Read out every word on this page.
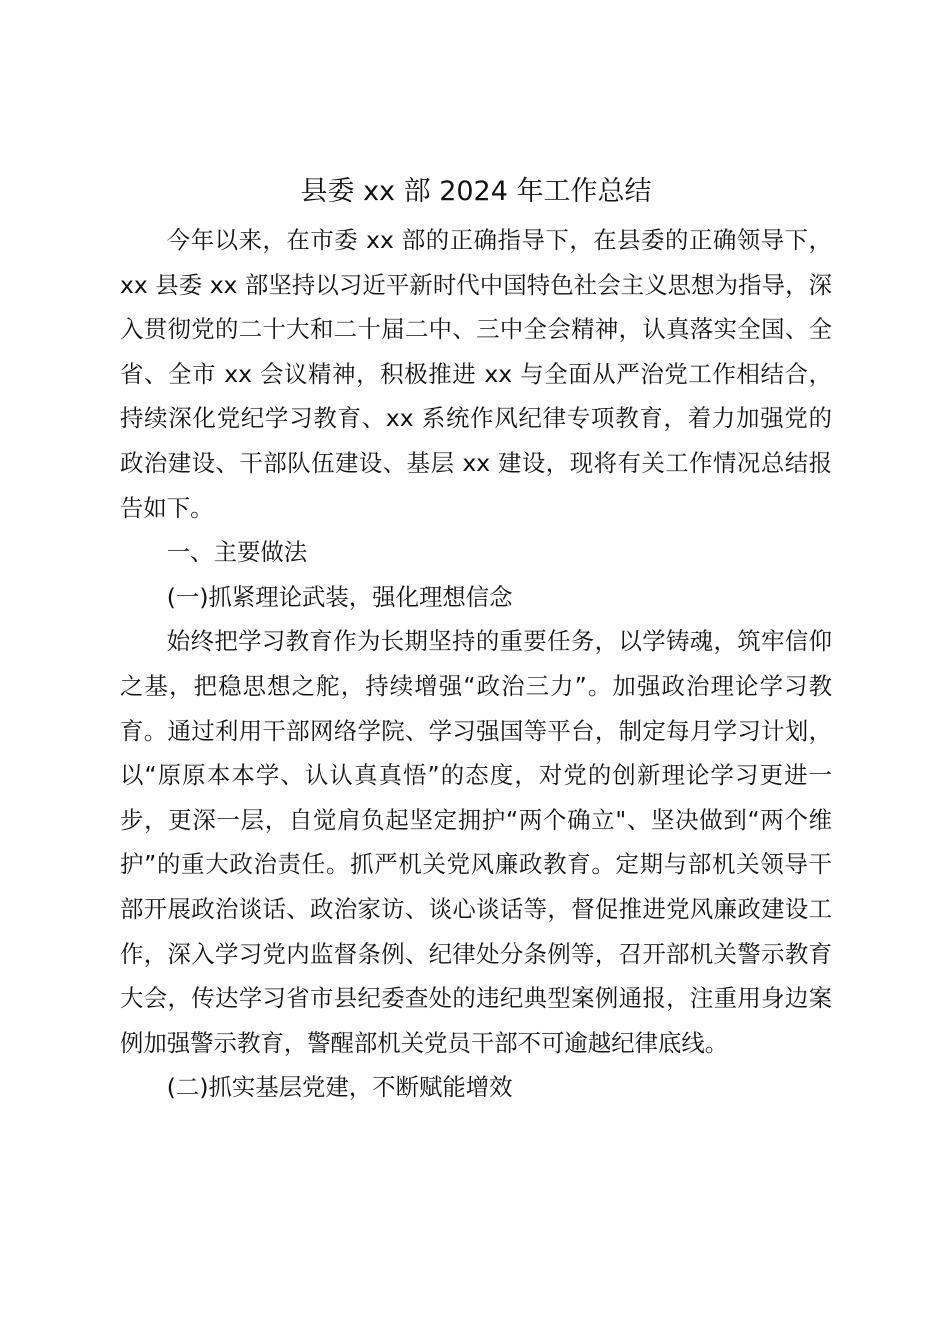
县委 xx 部 2024 年工作总结

今年以来，在市委 xx 部的正确指导下，在县委的正确领导下，xx 县委 xx 部坚持以习近平新时代中国特色社会主义思想为指导，深入贯彻党的二十大和二十届二中、三中全会精神，认真落实全国、全省、全市 xx 会议精神，积极推进 xx 与全面从严治党工作相结合，持续深化党纪学习教育、xx 系统作风纪律专项教育，着力加强党的政治建设、干部队伍建设、基层 xx 建设，现将有关工作情况总结报告如下。

一、主要做法

(一)抓紧理论武装，强化理想信念

始终把学习教育作为长期坚持的重要任务，以学铸魂，筑牢信仰之基，把稳思想之舵，持续增强“政治三力”。加强政治理论学习教育。通过利用干部网络学院、学习强国等平台，制定每月学习计划，以“原原本本学、认认真真悟”的态度，对党的创新理论学习更进一步，更深一层，自觉肩负起坚定拥护“两个确立"、坚决做到“两个维护”的重大政治责任。抓严机关党风廉政教育。定期与部机关领导干部开展政治谈话、政治家访、谈心谈话等，督促推进党风廉政建设工作，深入学习党内监督条例、纪律处分条例等，召开部机关警示教育大会，传达学习省市县纪委查处的违纪典型案例通报，注重用身边案例加强警示教育，警醒部机关党员干部不可逾越纪律底线。

(二)抓实基层党建，不断赋能增效
